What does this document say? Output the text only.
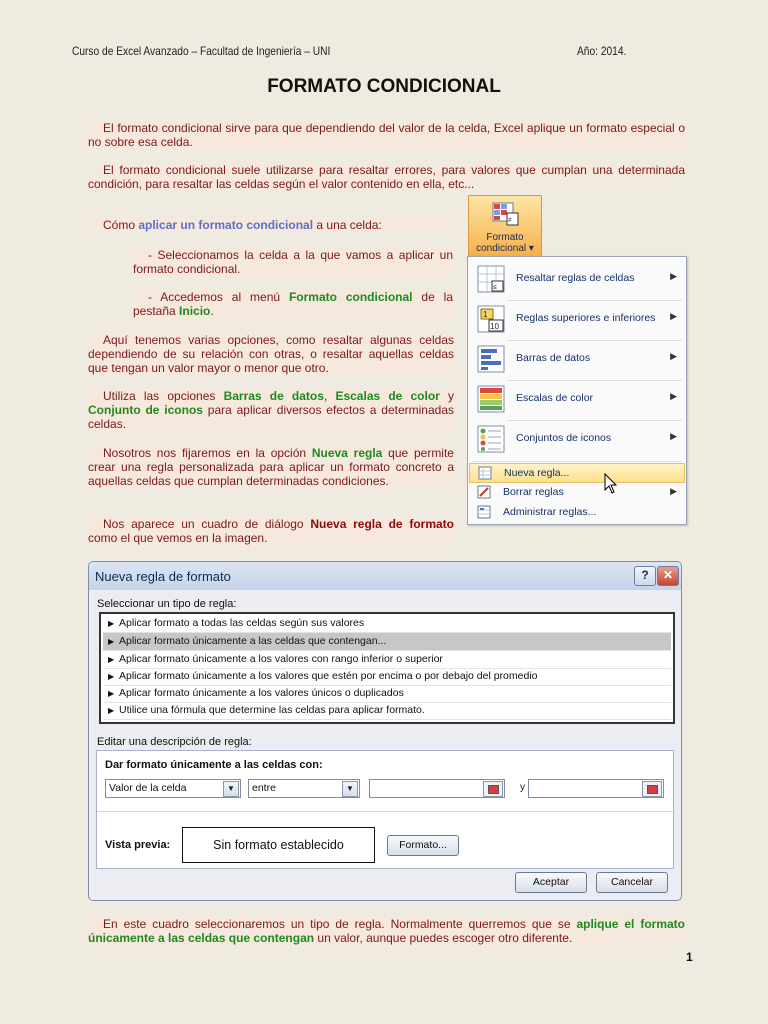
Curso de Excel Avanzado – Facultad de Ingeniería – UNI	Año: 2014.
FORMATO CONDICIONAL
El formato condicional sirve para que dependiendo del valor de la celda, Excel aplique un formato especial o no sobre esa celda.
El formato condicional suele utilizarse para resaltar errores, para valores que cumplan una determinada condición, para resaltar las celdas según el valor contenido en ella, etc...
Cómo aplicar un formato condicional a una celda:
- Seleccionamos la celda a la que vamos a aplicar un formato condicional.
- Accedemos al menú Formato condicional de la pestaña Inicio.
Aquí tenemos varias opciones, como resaltar algunas celdas dependiendo de su relación con otras, o resaltar aquellas celdas que tengan un valor mayor o menor que otro.
Utiliza las opciones Barras de datos, Escalas de color y Conjunto de iconos para aplicar diversos efectos a determinadas celdas.
Nosotros nos fijaremos en la opción Nueva regla que permite crear una regla personalizada para aplicar un formato concreto a aquellas celdas que cumplan determinadas condiciones.
Nos aparece un cuadro de diálogo Nueva regla de formato como el que vemos en la imagen.
≠
Formato
condicional ▾
≤
Resaltar reglas de celdas	▶
1
10
Reglas superiores e inferiores ▶
Barras de datos	▶
Escalas de color	▶
Conjuntos de iconos	▶
Nueva regla...
Borrar reglas	▶
Administrar reglas...
Nueva regla de formato	?	✕
Seleccionar un tipo de regla:
▶ Aplicar formato a todas las celdas según sus valores
▶ Aplicar formato únicamente a las celdas que contengan...
▶ Aplicar formato únicamente a los valores con rango inferior o superior
▶ Aplicar formato únicamente a los valores que estén por encima o por debajo del promedio
▶ Aplicar formato únicamente a los valores únicos o duplicados
▶ Utilice una fórmula que determine las celdas para aplicar formato.
Editar una descripción de regla:
Dar formato únicamente a las celdas con:
Valor de la celda	▼	entre	▼	y
Vista previa:	Sin formato establecido	Formato...
Aceptar	Cancelar
En este cuadro seleccionaremos un tipo de regla. Normalmente querremos que se aplique el formato únicamente a las celdas que contengan un valor, aunque puedes escoger otro diferente.
1
